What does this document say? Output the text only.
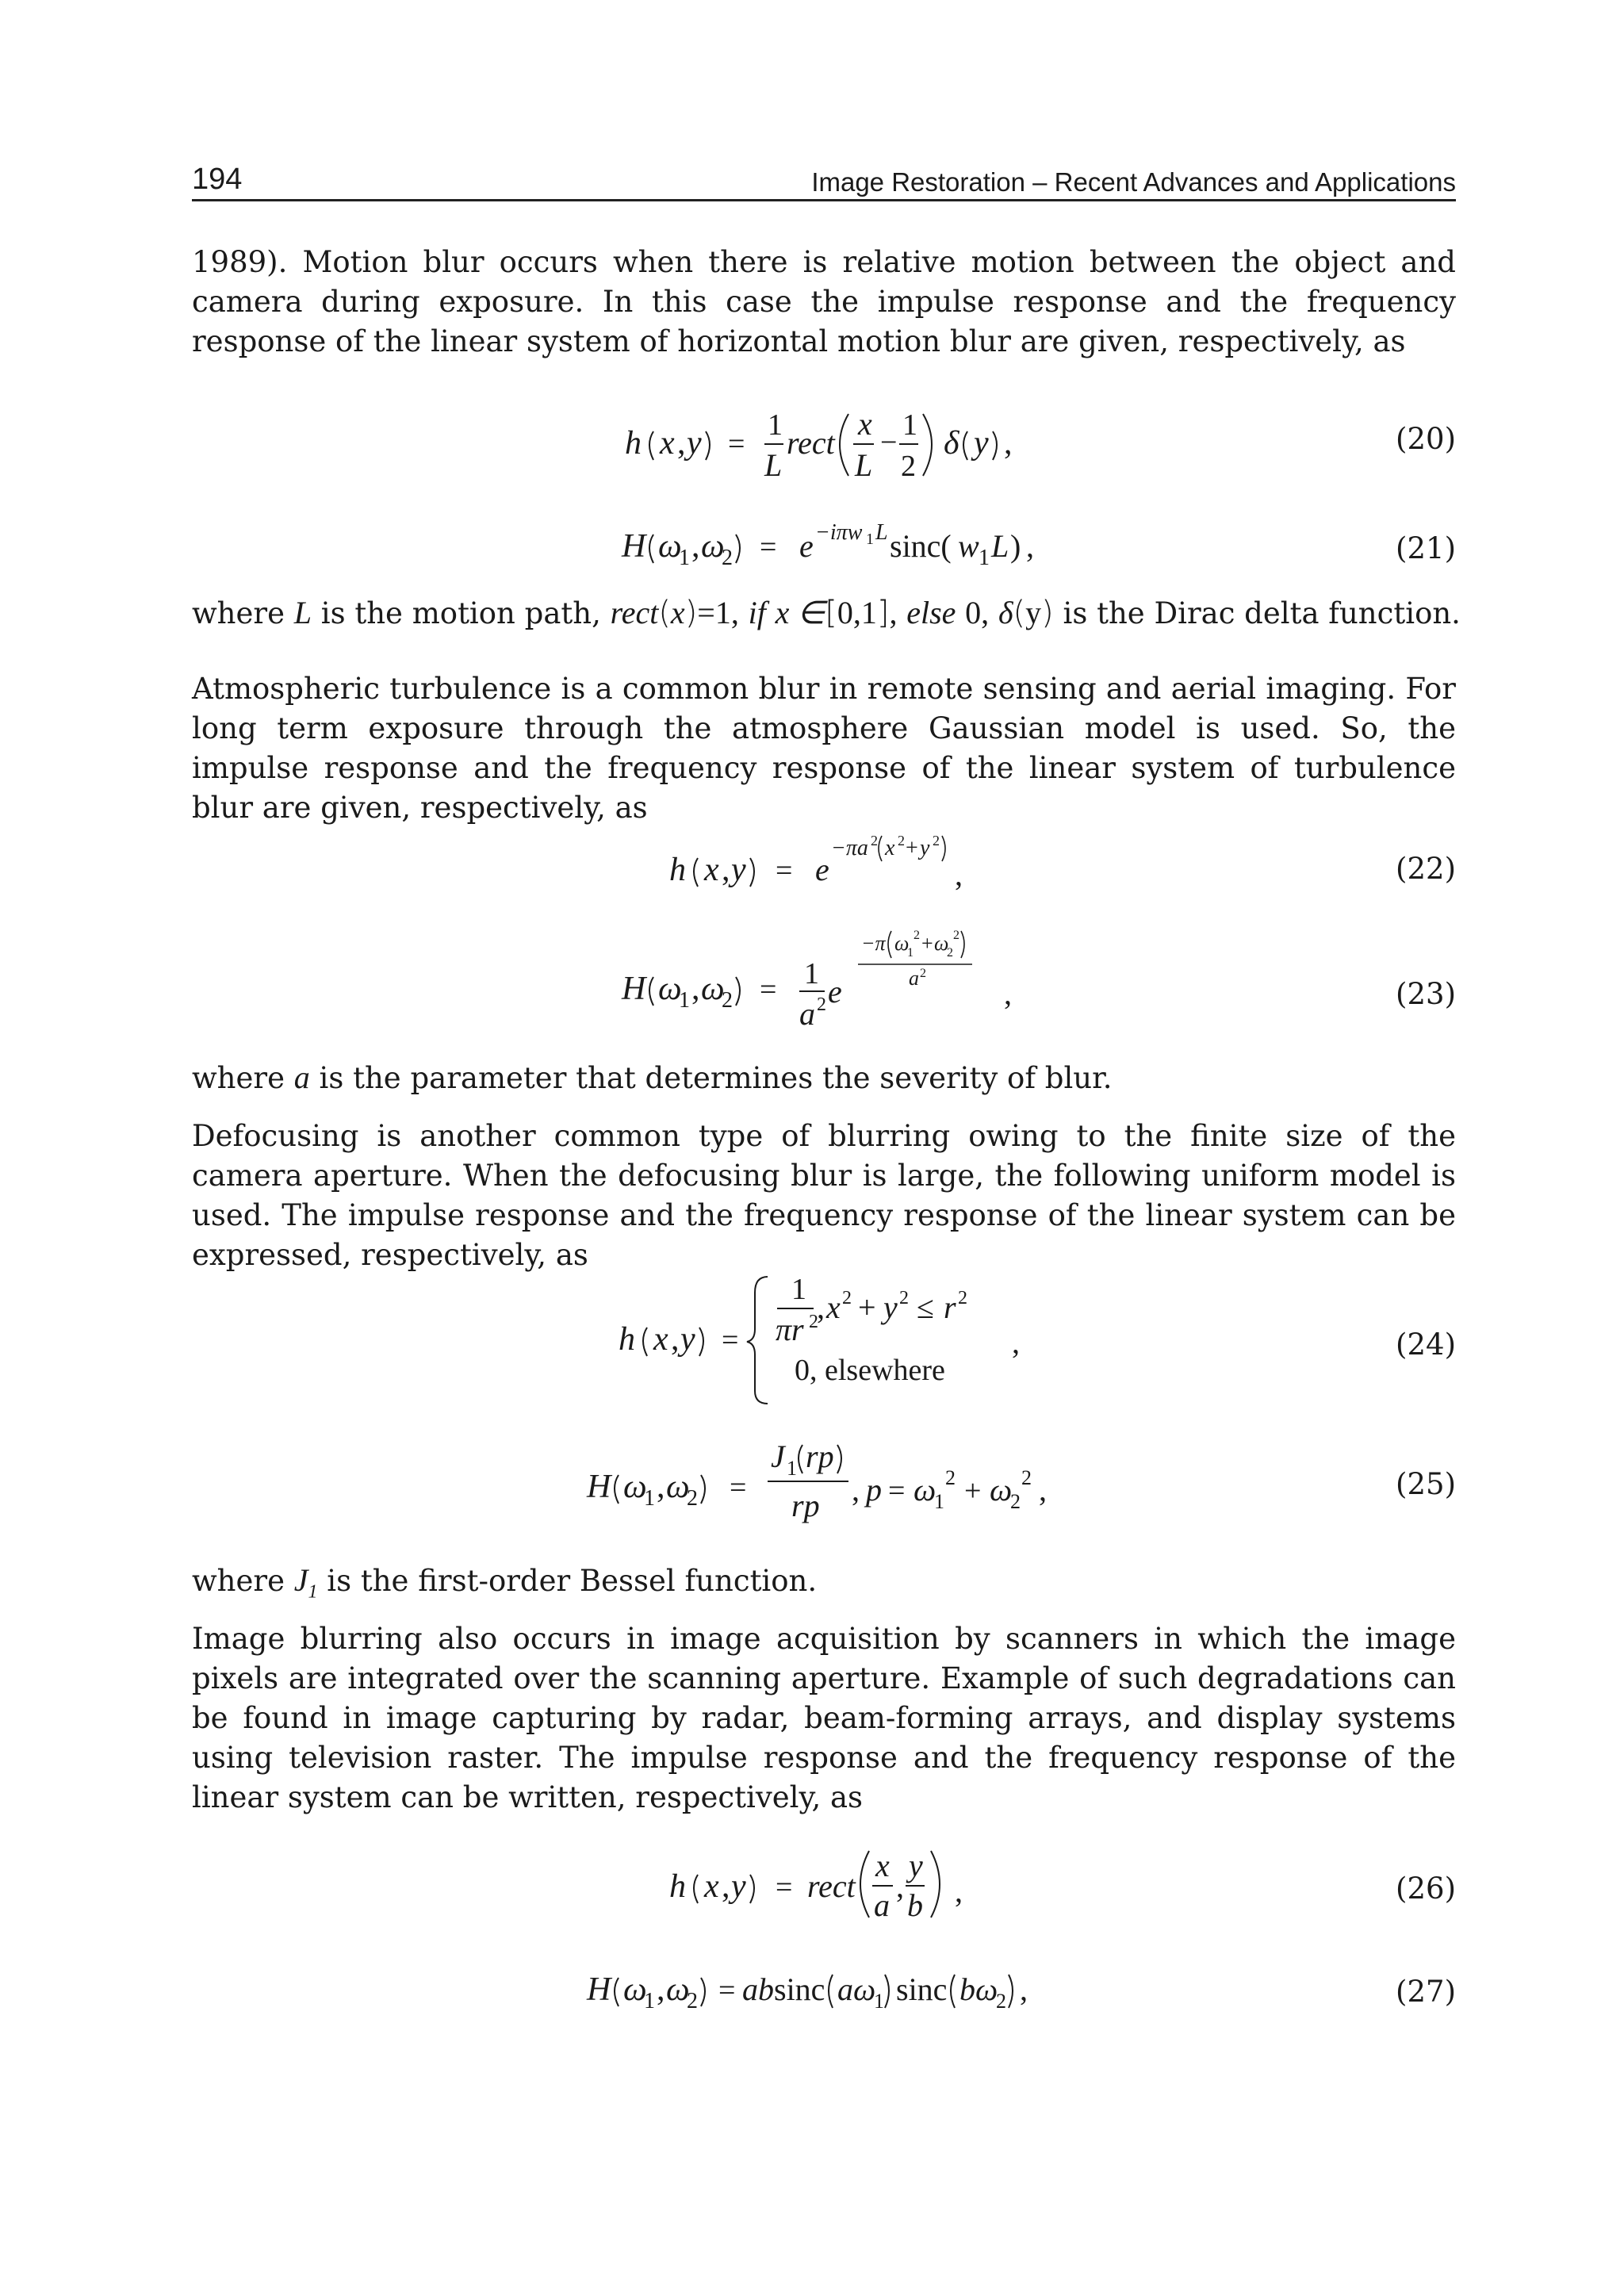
194	Image Restoration – Recent Advances and Applications

1989). Motion blur occurs when there is relative motion between the object and camera during exposure. In this case the impulse response and the frequency response of the linear system of horizontal motion blur are given, respectively, as

h x , y =
1
L
rect
x
L
−
1
2
δ y ,	(20)
H ω
1 , ω
2 = e −iπw 1 L sinc( w 1 L ) ,	(21)

where L is the motion path, rect(x)=1, if x ∈[0,1], else 0, δ(y) is the Dirac delta function.

Atmospheric turbulence is a common blur in remote sensing and aerial imaging. For long term exposure through the atmosphere Gaussian model is used. So, the impulse response and the frequency response of the linear system of turbulence blur are given, respectively, as

h x , y = e
−πa 2 x 2 + y 2
,	(22)
H ω
1 , ω
2 = 1
a 2 e
−π ω
1
2 + ω
2
2
a 2
,	(23)

where a is the parameter that determines the severity of blur.

Defocusing is another common type of blurring owing to the finite size of the camera aperture. When the defocusing blur is large, the following uniform model is used. The impulse response and the frequency response of the linear system can be expressed, respectively, as

h x , y =
1
πr 2
, x 2 + y 2 ≤ r 2
0, elsewhere
,	(24)
H ω
1 , ω
2 =
J 1 rp
rp , p = ω
1
2 + ω
2
2 ,	(25)

where $J_1$ is the first-order Bessel function.

Image blurring also occurs in image acquisition by scanners in which the image pixels are integrated over the scanning aperture. Example of such degradations can be found in image capturing by radar, beam-forming arrays, and display systems using television raster. The impulse response and the frequency response of the linear system can be written, respectively, as

h x , y = rect
x
a
,
y
b ,	(26)
H ω
1 , ω
2 = ab sinc a ω
1 sinc b ω
2 ,	(27)
